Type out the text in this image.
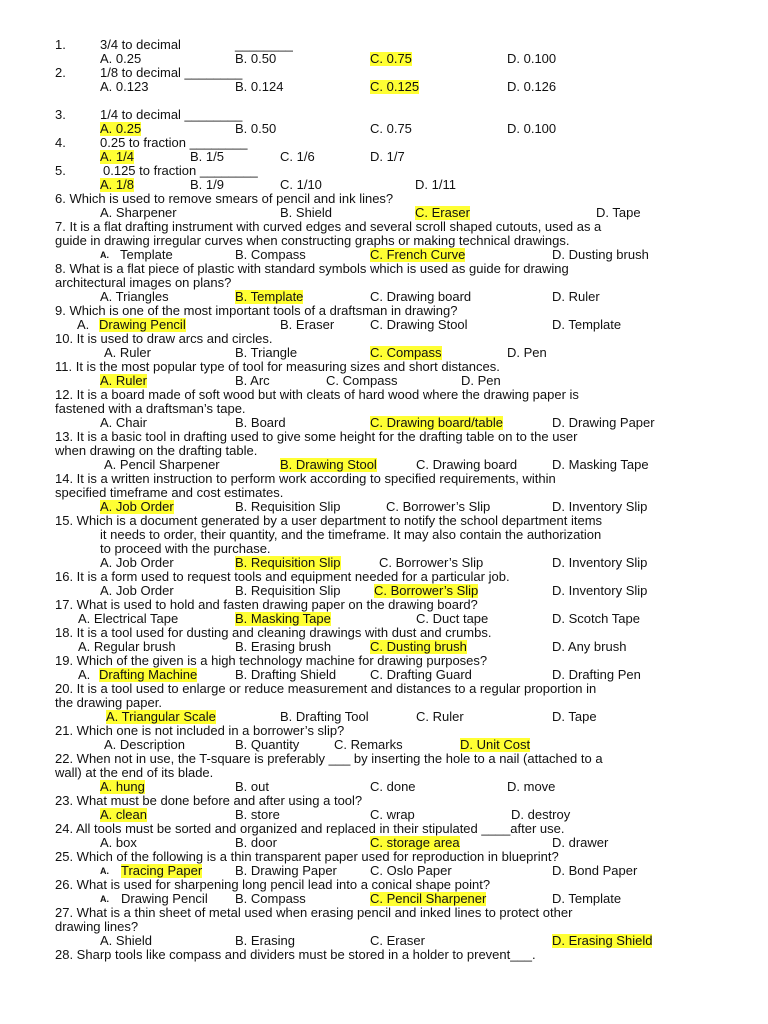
1.	3/4 to decimal	________
A. 0.25	B. 0.50	C. 0.75	D. 0.100
2.	1/8 to decimal ________
A. 0.123	B. 0.124	C. 0.125	D. 0.126
3.	1/4 to decimal ________
A. 0.25	B. 0.50	C. 0.75	D. 0.100
4.	0.25 to fraction ________
A. 1/4	B. 1/5	C. 1/6	D. 1/7
5.	0.125 to fraction ________
A. 1/8	B. 1/9	C. 1/10	D. 1/11
6. Which is used to remove smears of pencil and ink lines?
A. Sharpener	B. Shield	C. Eraser	D. Tape
7. It is a flat drafting instrument with curved edges and several scroll shaped cutouts, used as a
guide in drawing irregular curves when constructing graphs or making technical drawings.
A. Template	B. Compass	C. French Curve	D. Dusting brush
8. What is a flat piece of plastic with standard symbols which is used as guide for drawing
architectural images on plans?
A. Triangles	B. Template	C. Drawing board	D. Ruler
9. Which is one of the most important tools of a draftsman in drawing?
A. Drawing Pencil	B. Eraser	C. Drawing Stool	D. Template
10. It is used to draw arcs and circles.
A. Ruler	B. Triangle	C. Compass	D. Pen
11. It is the most popular type of tool for measuring sizes and short distances.
A. Ruler	B. Arc	C. Compass	D. Pen
12. It is a board made of soft wood but with cleats of hard wood where the drawing paper is
fastened with a draftsman’s tape.
A. Chair	B. Board	C. Drawing board/table	D. Drawing Paper
13. It is a basic tool in drafting used to give some height for the drafting table on to the user
when drawing on the drafting table.
A. Pencil Sharpener	B. Drawing Stool	C. Drawing board	D. Masking Tape
14. It is a written instruction to perform work according to specified requirements, within
specified timeframe and cost estimates.
A. Job Order	B. Requisition Slip	C. Borrower’s Slip	D. Inventory Slip
15. Which is a document generated by a user department to notify the school department items
it needs to order, their quantity, and the timeframe. It may also contain the authorization
to proceed with the purchase.
A. Job Order	B. Requisition Slip	C. Borrower’s Slip	D. Inventory Slip
16. It is a form used to request tools and equipment needed for a particular job.
A. Job Order	B. Requisition Slip	C. Borrower’s Slip	D. Inventory Slip
17. What is used to hold and fasten drawing paper on the drawing board?
A. Electrical Tape	B. Masking Tape	C. Duct tape	D. Scotch Tape
18. It is a tool used for dusting and cleaning drawings with dust and crumbs.
A. Regular brush	B. Erasing brush	C. Dusting brush	D. Any brush
19. Which of the given is a high technology machine for drawing purposes?
A. Drafting Machine	B. Drafting Shield	C. Drafting Guard	D. Drafting Pen
20. It is a tool used to enlarge or reduce measurement and distances to a regular proportion in
the drawing paper.
A. Triangular Scale	B. Drafting Tool	C. Ruler	D. Tape
21. Which one is not included in a borrower’s slip?
A. Description	B. Quantity	C. Remarks	D. Unit Cost
22. When not in use, the T-square is preferably ___ by inserting the hole to a nail (attached to a
wall) at the end of its blade.
A. hung	B. out	C. done	D. move
23. What must be done before and after using a tool?
A. clean	B. store	C. wrap	D. destroy
24. All tools must be sorted and organized and replaced in their stipulated ____after use.
A. box	B. door	C. storage area	D. drawer
25. Which of the following is a thin transparent paper used for reproduction in blueprint?
A. Tracing Paper	B. Drawing Paper	C. Oslo Paper	D. Bond Paper
26. What is used for sharpening long pencil lead into a conical shape point?
A. Drawing Pencil B. Compass	C. Pencil Sharpener	D. Template
27. What is a thin sheet of metal used when erasing pencil and inked lines to protect other
drawing lines?
A. Shield	B. Erasing	C. Eraser	D. Erasing Shield
28. Sharp tools like compass and dividers must be stored in a holder to prevent___.
